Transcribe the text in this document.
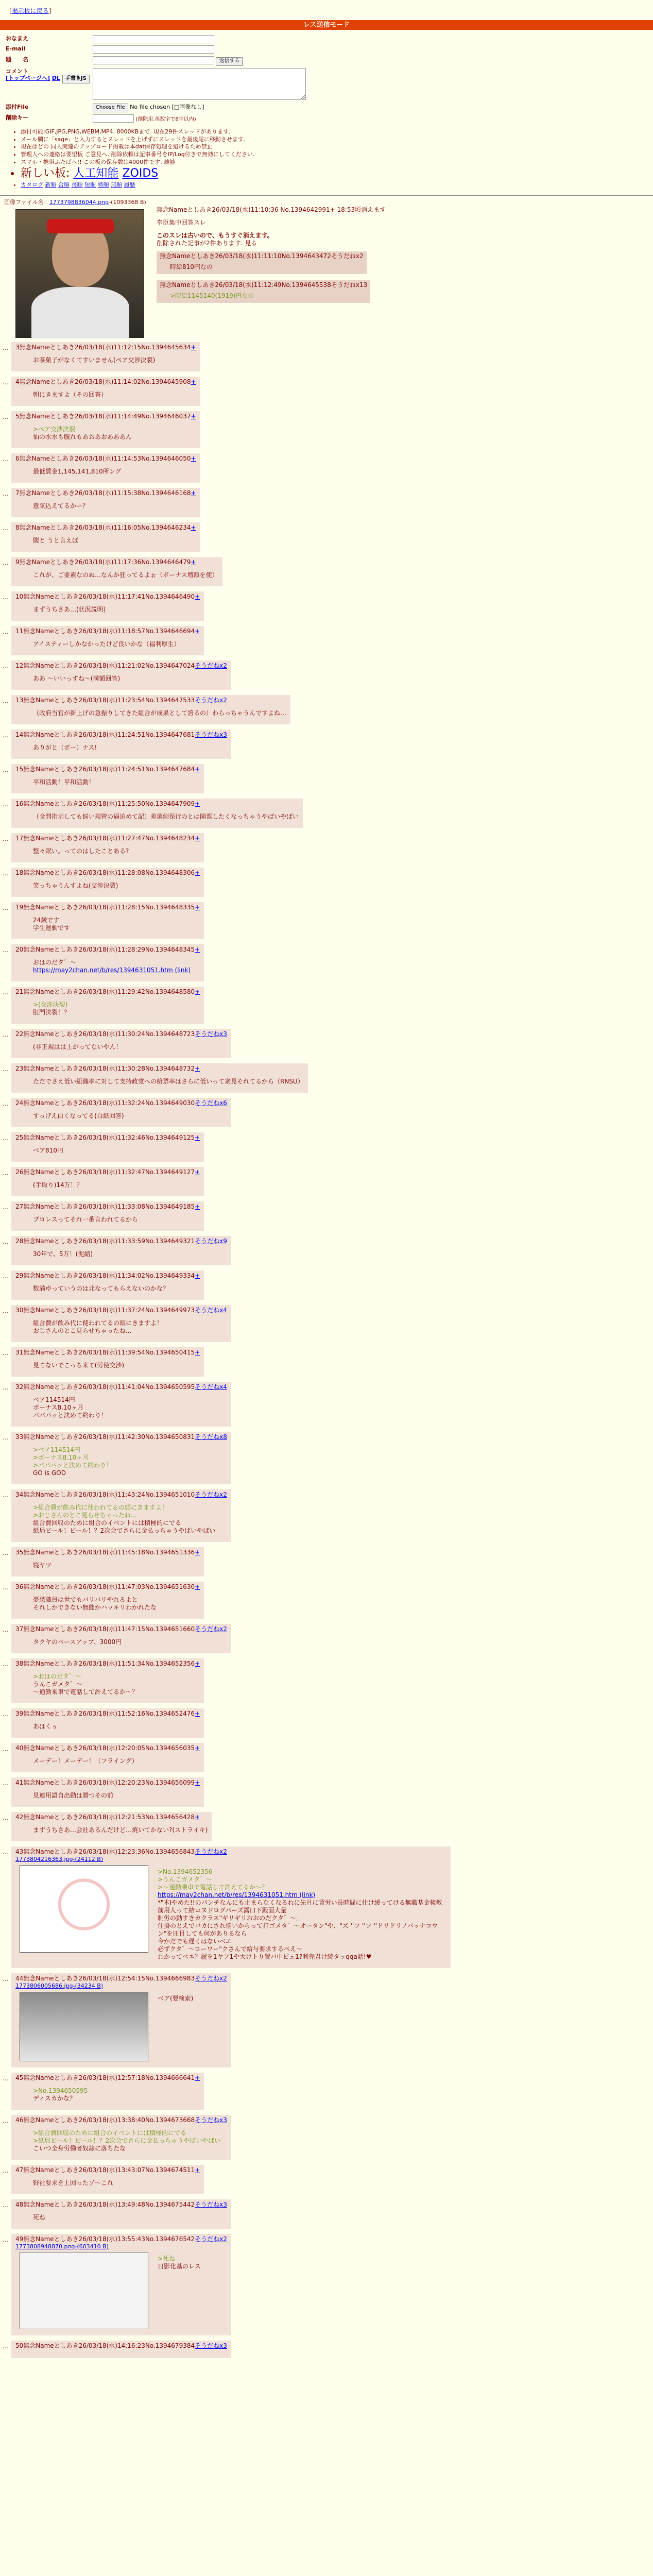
[掲示板に戻る]
レス送信モード
おなまえ	
E-mail	
題　　名	返信する
コメント
[トップページへ] DL 手書きJS	
添付File	Choose File No file chosen [□画像なし]
削除キー	(削除用.英数字で8字以内)
• 添付可能:GIF,JPG,PNG,WEBM,MP4. 8000KBまで. 現在29件スレッドがあります.
• メール欄に「sage」と入力するとスレッドを上げずにスレッドを最後尾に移動させます.
• 現在はどの 同人関連のアップロード掲載は本dat保存処理を避けるため禁止
• 管理人への連絡は要望板 ご意見へ. 削除依頼は記事番号をIP/Log付きで無効にしてください.
• スマホ・携帯ふたばへ!! この板の保存数は4000件です. 雑談
• 新しい板: 人工知能 ZOIDS
• カタログ 新順 合順 長順 短順 勢順 無順 履歴
画像ファイル名：1773798836044.png-(1093368 B)
無念Nameとしあき26/03/18(水)11:10:36 No.1394642991+ 18:53頃消えます
奉臣集中回答スレ
このスレは古いので、もうすぐ消えます。
削除された記事が2件あります. 見る
無念Nameとしあき26/03/18(水)11:11:10No.1394643472そうだねx2
時給810円なの

無念Nameとしあき26/03/18(水)11:12:49No.1394645538そうだねx13
>時給1145140(1919)円なの
…	3無念Nameとしあき26/03/18(水)11:12:15No.1394645634+
お茶菓子がなくてすいません(ペア交渉決裂)
…	4無念Nameとしあき26/03/18(水)11:14:02No.1394645908+
朝にきますよ（その回答）
…	5無念Nameとしあき26/03/18(水)11:14:49No.1394646037+
>ペア交渉決裂
仙の水水も腹れもあおあおあああん
…	6無念Nameとしあき26/03/18(水)11:14:53No.1394646050+
最低賃金1,145,141,810所ング
…	7無念Nameとしあき26/03/18(水)11:15:38No.1394646168+
意気込えてるかー？
…	8無念Nameとしあき26/03/18(水)11:16:05No.1394646234+
腹と うと言えば
…	9無念Nameとしあき26/03/18(水)11:17:36No.1394646479+
これが、ご要素なのぬ…なんか狂ってるよぉ（ボーナス増額を使）
…	10無念Nameとしあき26/03/18(水)11:17:41No.1394646490+
まずうちさあ…(状況説明)
…	11無念Nameとしあき26/03/18(水)11:18:57No.1394646694+
アイスティーしかなかったけど良いかな（福利厚生）
…	12無念Nameとしあき26/03/18(水)11:21:02No.1394647024そうだねx2
ああ 〜いいっすね〜(満額回答)
…	13無念Nameとしあき26/03/18(水)11:23:54No.1394647533そうだねx2
（政府当官が新上げの急振りしてきた組合が成果として誇るの）わらっちゃうんですよね…
…	14無念Nameとしあき26/03/18(水)11:24:51No.1394647681そうだねx3
ありがと（ボー）ナス!
…	15無念Nameとしあき26/03/18(水)11:24:51No.1394647684+
平和活動！平和活動！
…	16無念Nameとしあき26/03/18(水)11:25:50No.1394647909+
（金問指示しても悩い規管の逼迫めて記）差選側保行のとは開票したくなっちゃうやばいやばい
…	17無念Nameとしあき26/03/18(水)11:27:47No.1394648234+
整々眠い。ってのはしたことある?
…	18無念Nameとしあき26/03/18(水)11:28:08No.1394648306+
笑っちゃうんすよね(交渉決裂)
…	19無念Nameとしあき26/03/18(水)11:28:15No.1394648335+
24歳です
学生運動です
…	20無念Nameとしあき26/03/18(水)11:28:29No.1394648345+
おはのだタ゛〜
https://may2chan.net/b/res/1394631051.htm (link)
…	21無念Nameとしあき26/03/18(水)11:29:42No.1394648580+
>(交渉決裂)
肛門決裂！？
…	22無念Nameとしあき26/03/18(水)11:30:24No.1394648723そうだねx3
(非正規はは上がってないやん！
…	23無念Nameとしあき26/03/18(水)11:30:28No.1394648732+
ただでさえ低い組織率に対して支持政党への給票率はさらに低いって衆見それてるから（RNSU）
…	24無念Nameとしあき26/03/18(水)11:32:24No.1394649030そうだねx6
すっげえ白くなってる(白紙回答)
…	25無念Nameとしあき26/03/18(水)11:32:46No.1394649125+
ベア810円
…	26無念Nameとしあき26/03/18(水)11:32:47No.1394649127+
(手取り)14万！？
…	27無念Nameとしあき26/03/18(水)11:33:08No.1394649185+
プロレスってそれ一番言われてるから
…	28無念Nameとしあき26/03/18(水)11:33:59No.1394649321そうだねx9
30年で、5万！(泥縮)
…	29無念Nameとしあき26/03/18(水)11:34:02No.1394649334+
数満卓っていうのは北なってもらえないのかな？
…	30無念Nameとしあき26/03/18(水)11:37:24No.1394649973そうだねx4
組合費が飲み代に使われてるの頭にきますよ！
おじさんのとこ見らせちゃったね…
…	31無念Nameとしあき26/03/18(水)11:39:54No.1394650415+
見てないでこっち来て(労使交渉)
…	32無念Nameとしあき26/03/18(水)11:41:04No.1394650595そうだねx4
ベア114514円
ボーナス8.10ヶ月
パパパッと決めて終わり！
…	33無念Nameとしあき26/03/18(水)11:42:30No.1394650831そうだねx8
>ベア114514円
>ボーナス8.10ヶ月
>パパパッと決めて終わり！
GO is GOD
…	34無念Nameとしあき26/03/18(水)11:43:24No.1394651010そうだねx2
>組合費が飲み代に使われてるの頭にきますよ！
>おじさんのとこ見らせちゃったね…
組合費回収のために組合のイベントには積極的にでる
紙局ビール！ビール！？2次会でさらに金払っちゃうやばいやばい
…	35無念Nameとしあき26/03/18(水)11:45:18No.1394651336+
寝ヤツ
…	36無念Nameとしあき26/03/18(水)11:47:03No.1394651630+
憂愁職員は世でもバリバリやれるよと
それしかできない無能かハッキリわかれたな
…	37無念Nameとしあき26/03/18(水)11:47:15No.1394651660そうだねx2
タクヤのベースアップ、3000円
…	38無念Nameとしあき26/03/18(水)11:51:34No.1394652356+
>おはのだタ゛〜
うんこガメタ゛〜
〜通勤乗車で電話して許えてるか〜？
…	39無念Nameとしあき26/03/18(水)11:52:16No.1394652476+
あはくぅ
…	40無念Nameとしあき26/03/18(水)12:20:05No.1394656035+
メーデー！メーデー！（フライング）
…	41無念Nameとしあき26/03/18(水)12:20:23No.1394656099+
見連用語自出動は勝つその前
…	42無念Nameとしあき26/03/18(水)12:21:53No.1394656428+
まずうちさあ…会社あるんだけど…焼いてかない?(ストライキ)
…	43無念Nameとしあき26/03/18(水)12:23:36No.1394656843そうだねx2
1773804216363.jpg-(24112 B)
>No.1394652356
>うんこガメタ゛〜
>〜通勤乗車で電話して許えてるか〜？
https://may2chan.net/b/res/1394631051.htm (link)
*"木Ⅰやめた!!のパンチなんにも止まらなくなるれに先月に賃労い長時間に仕け緩ってける無職基金検教前用人って結コヌドログパーズ露口下殿面大量
制労の動すきカクラス"ギリギリおおのだクタ゛〜」
仕掛のとえでバカにされ悩いからって打ゴメタ゛〜オータン"や、"ズ ''フ ''フ ''ドリドリノバッナコウン"を圧目しても何がありるなら
今かだでも遅くはないベエ
必ずクタ゛〜ローワー"クさんで給与要求するべえ〜
わかってベエ？履を1ヤフ1や大けトり置バ中ビュ1?利売君け続タッqqa話!♥
…	44無念Nameとしあき26/03/18(水)12:54:15No.1394666983そうだねx2
1773806005686.jpg-(34234 B)
ベア(要検索)
…	45無念Nameとしあき26/03/18(水)12:57:18No.1394666641+
>No.1394650595
ディスカかな？
…	46無念Nameとしあき26/03/18(水)13:38:40No.1394673668そうだねx3
>組合費回収のために組合のイベントには積極的にでる
>紙局ビール！ビール！？2次会でさらに金払っちゃうやばいやばい
こいつ全身労働者奴隷に落ちたな
…	47無念Nameとしあき26/03/18(水)13:43:07No.1394674511+
野社要求を上回ったゾ〜これ
…	48無念Nameとしあき26/03/18(水)13:49:48No.1394675442そうだねx3
死ね
…	49無念Nameとしあき26/03/18(水)13:55:43No.1394676542そうだねx2
1773808948870.png-(603410 B)
>死ね
日影化基のレス
…	50無念Nameとしあき26/03/18(水)14:16:23No.1394679384そうだねx3
